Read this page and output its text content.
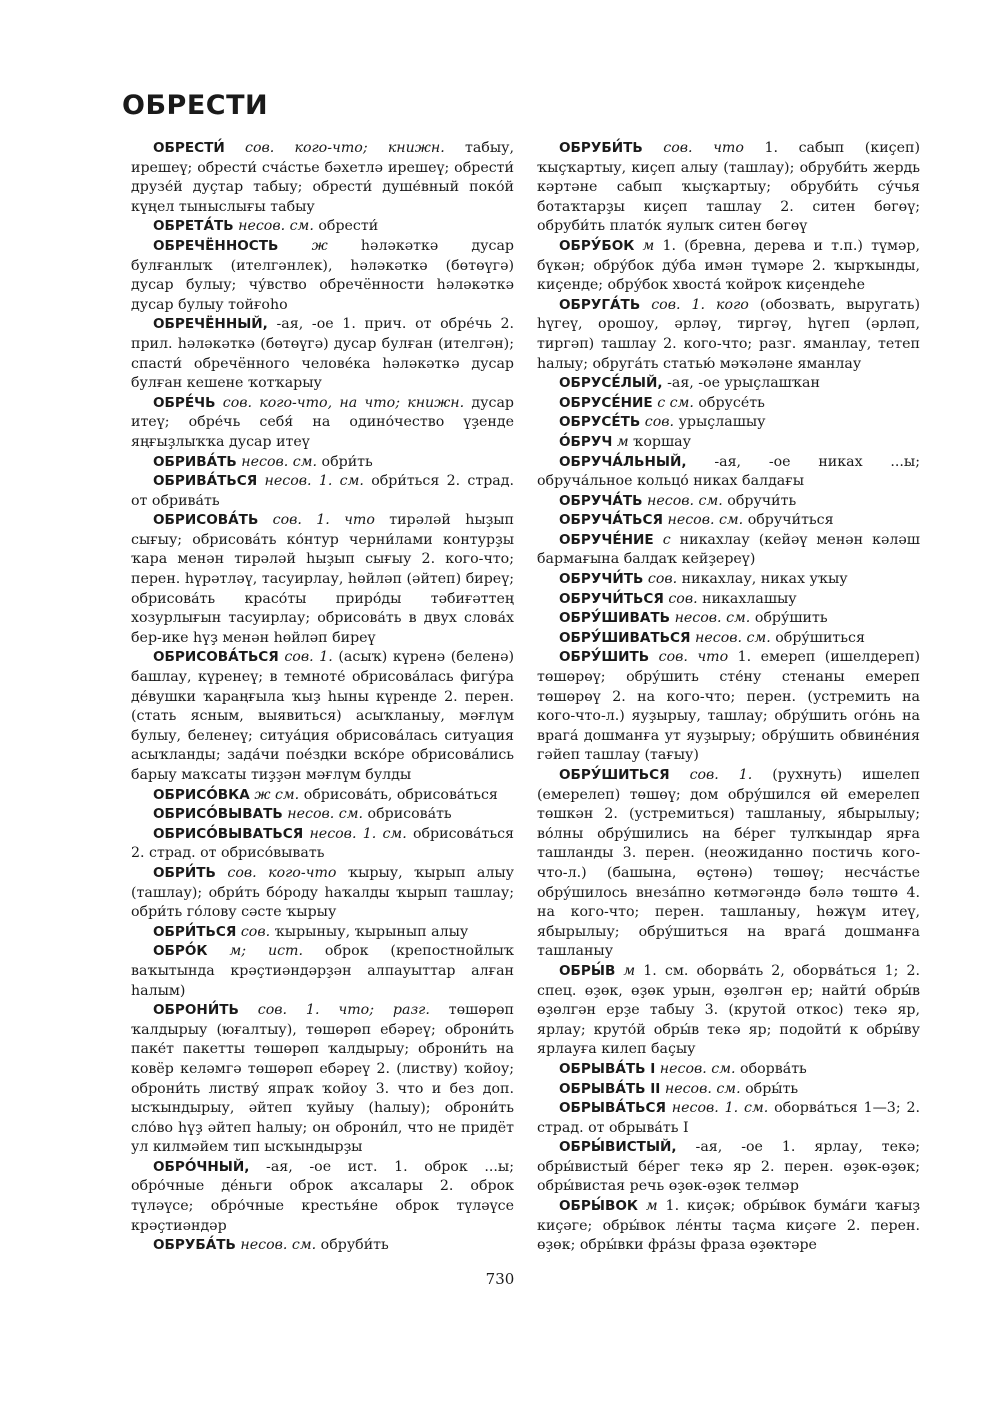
ОБРЕСТИ

ОБРЕСТИ́ сов. кого-что; книжн. табыу, ирешеү; обрести́ сча́стье бәхетлә ирешеү; обрести́ друзе́й дуҫтар табыу; обрести́ душе́вный поко́й күңел тыныслығы табыу

ОБРЕТА́ТЬ несов. см. обрести́

ОБРЕЧЁННОСТЬ ж һәләкәткә дусар булғанлыҡ (ителгәнлек), һәләкәткә (бөтөүгә) дусар булыу; чу́вство обречённости һәләкәткә дусар булыу тойғоһо

ОБРЕЧЁННЫЙ, -ая, -ое 1. прич. от обре́чь 2. прил. һәләкәткә (бөтөүгә) дусар булған (ителгән); спасти́ обречённого челове́ка һәләкәткә дусар булған кешене ҡотҡарыу

ОБРЕ́ЧЬ сов. кого-что, на что; книжн. дусар итеү; обре́чь себя́ на одино́чество үҙенде яңғыҙлыҡҡа дусар итеү

ОБРИВА́ТЬ несов. см. обри́ть

ОБРИВА́ТЬСЯ несов. 1. см. обри́ться 2. страд. от обрива́ть

ОБРИСОВА́ТЬ сов. 1. что тирәләй һыҙып сығыу; обрисова́ть ко́нтур черни́лами контурҙы ҡара менән тирәләй һыҙып сығыу 2. кого-что; перен. һүрәтләү, тасуирлау, һөйләп (әйтеп) биреү; обрисова́ть красо́ты приро́ды тәбиғәттең хозурлығын тасуирлау; обрисова́ть в двух слова́х бер-ике һүҙ менән һөйләп биреү

ОБРИСОВА́ТЬСЯ сов. 1. (асыҡ) күренә (беленә) башлау, күренеү; в темноте́ обрисова́лась фигу́ра де́вушки ҡараңғыла ҡыҙ һыны күренде 2. перен. (стать ясным, выявиться) асыҡланыу, мәғлүм булыу, беленеү; ситуа́ция обрисова́лась ситуация асыҡланды; зада́чи пое́здки вско́ре обрисова́лись барыу маҡсаты тиҙҙән мәғлүм булды

ОБРИСО́ВКА ж см. обрисова́ть, обрисова́ться

ОБРИСО́ВЫВАТЬ несов. см. обрисова́ть

ОБРИСО́ВЫВАТЬСЯ несов. 1. см. обрисова́ться 2. страд. от обрисо́вывать

ОБРИ́ТЬ сов. кого-что ҡырыу, ҡырып алыу (ташлау); обри́ть бо́роду һаҡалды ҡырып ташлау; обри́ть го́лову сәсте ҡырыу

ОБРИ́ТЬСЯ сов. ҡырыныу, ҡырынып алыу

ОБРО́К м; ист. оброк (крепостнойлыҡ ваҡытында крәҫтиәндәрҙән алпауыттар алған һалым)

ОБРОНИ́ТЬ сов. 1. что; разг. төшөрөп ҡалдырыу (юғалтыу), төшөрөп ебәреү; оброни́ть паке́т пакетты төшөрөп ҡалдырыу; оброни́ть на ковёр келәмгә төшөрөп ебәреү 2. (листву) ҡойоу; оброни́ть листву́ япраҡ ҡойоу 3. что и без доп. ысҡындырыу, әйтеп ҡуйыу (һалыу); оброни́ть сло́во һүҙ әйтеп һалыу; он оброни́л, что не придёт ул килмәйем тип ысҡындырҙы

ОБРО́ЧНЫЙ, -ая, -ое ист. 1. оброк ...ы; обро́чные де́ньги оброк аҡсалары 2. оброк түләүсе; обро́чные крестья́не оброк түләүсе крәҫтиәндәр

ОБРУБА́ТЬ несов. см. обруби́ть

ОБРУБИ́ТЬ сов. что 1. сабып (киҫеп) ҡыҫҡартыу, киҫеп алыу (ташлау); обруби́ть жердь кәртәне сабып ҡыҫҡартыу; обруби́ть су́чья ботаҡтарҙы киҫеп ташлау 2. ситен бөгөү; обруби́ть плато́к яулыҡ ситен бөгөү

ОБРУ́БОК м 1. (бревна, дерева и т.п.) түмәр, бүкән; обру́бок ду́ба имән түмәре 2. ҡырҡынды, киҫенде; обру́бок хвоста́ ҡойроҡ киҫендеһе

ОБРУГА́ТЬ сов. 1. кого (обозвать, выругать) һүгеү, орошоу, әрләү, тиргәү, һүгеп (әрләп, тиргәп) ташлау 2. кого-что; разг. яманлау, тетеп һалыу; обруга́ть статью́ мәҡәләне яманлау

ОБРУСЕ́ЛЫЙ, -ая, -ое урыҫлашҡан

ОБРУСЕ́НИЕ с см. обрусе́ть

ОБРУСЕ́ТЬ сов. урыҫлашыу

О́БРУЧ м ҡоршау

ОБРУЧА́ЛЬНЫЙ, -ая, -ое никах ...ы; обруча́льное кольцо́ никах балдағы

ОБРУЧА́ТЬ несов. см. обручи́ть

ОБРУЧА́ТЬСЯ несов. см. обручи́ться

ОБРУЧЕ́НИЕ с никахлау (кейәү менән кәләш бармағына балдаҡ кейҙереү)

ОБРУЧИ́ТЬ сов. никахлау, никах уҡыу

ОБРУЧИ́ТЬСЯ сов. никахлашыу

ОБРУ́ШИВАТЬ несов. см. обру́шить

ОБРУ́ШИВАТЬСЯ несов. см. обру́шиться

ОБРУ́ШИТЬ сов. что 1. емереп (ишелдереп) төшөрөү; обру́шить сте́ну стенаны емереп төшөрөү 2. на кого-что; перен. (устремить на кого-что-л.) яуҙырыу, ташлау; обру́шить ого́нь на врага́ дошманға ут яуҙырыу; обру́шить обвине́ния гәйеп ташлау (тағыу)

ОБРУ́ШИТЬСЯ сов. 1. (рухнуть) ишелеп (емерелеп) төшөү; дом обру́шился өй емерелеп төшкән 2. (устремиться) ташланыу, ябырылыу; во́лны обру́шились на бе́рег тулҡындар ярға ташланды 3. перен. (неожиданно постичь кого-что-л.) (башына, өҫтөнә) төшөү; несча́стье обру́шилось внеза́пно көтмәгәндә бәлә төштө 4. на кого-что; перен. ташланыу, һөжүм итеү, ябырылыу; обру́шиться на врага́ дошманға ташланыу

ОБРЫ́В м 1. см. оборва́ть 2, оборва́ться 1; 2. спец. өҙөк, өҙөк урын, өҙөлгән ер; найти́ обры́в өҙөлгән ерҙе табыу 3. (крутой откос) текә яр, ярлау; круто́й обры́в текә яр; подойти́ к обры́ву ярлауға килеп баҫыу

ОБРЫВА́ТЬ I несов. см. оборва́ть

ОБРЫВА́ТЬ II несов. см. обры́ть

ОБРЫВА́ТЬСЯ несов. 1. см. оборва́ться 1—3; 2. страд. от обрыва́ть I

ОБРЫ́ВИСТЫЙ, -ая, -ое 1. ярлау, текә; обры́вистый бе́рег текә яр 2. перен. өҙөк-өҙөк; обры́вистая речь өҙөк-өҙөк телмәр

ОБРЫ́ВОК м 1. киҫәк; обры́вок бума́ги ҡағыҙ киҫәге; обры́вок ле́нты таҫма киҫәге 2. перен. өҙөк; обры́вки фра́зы фраза өҙөктәре

730
